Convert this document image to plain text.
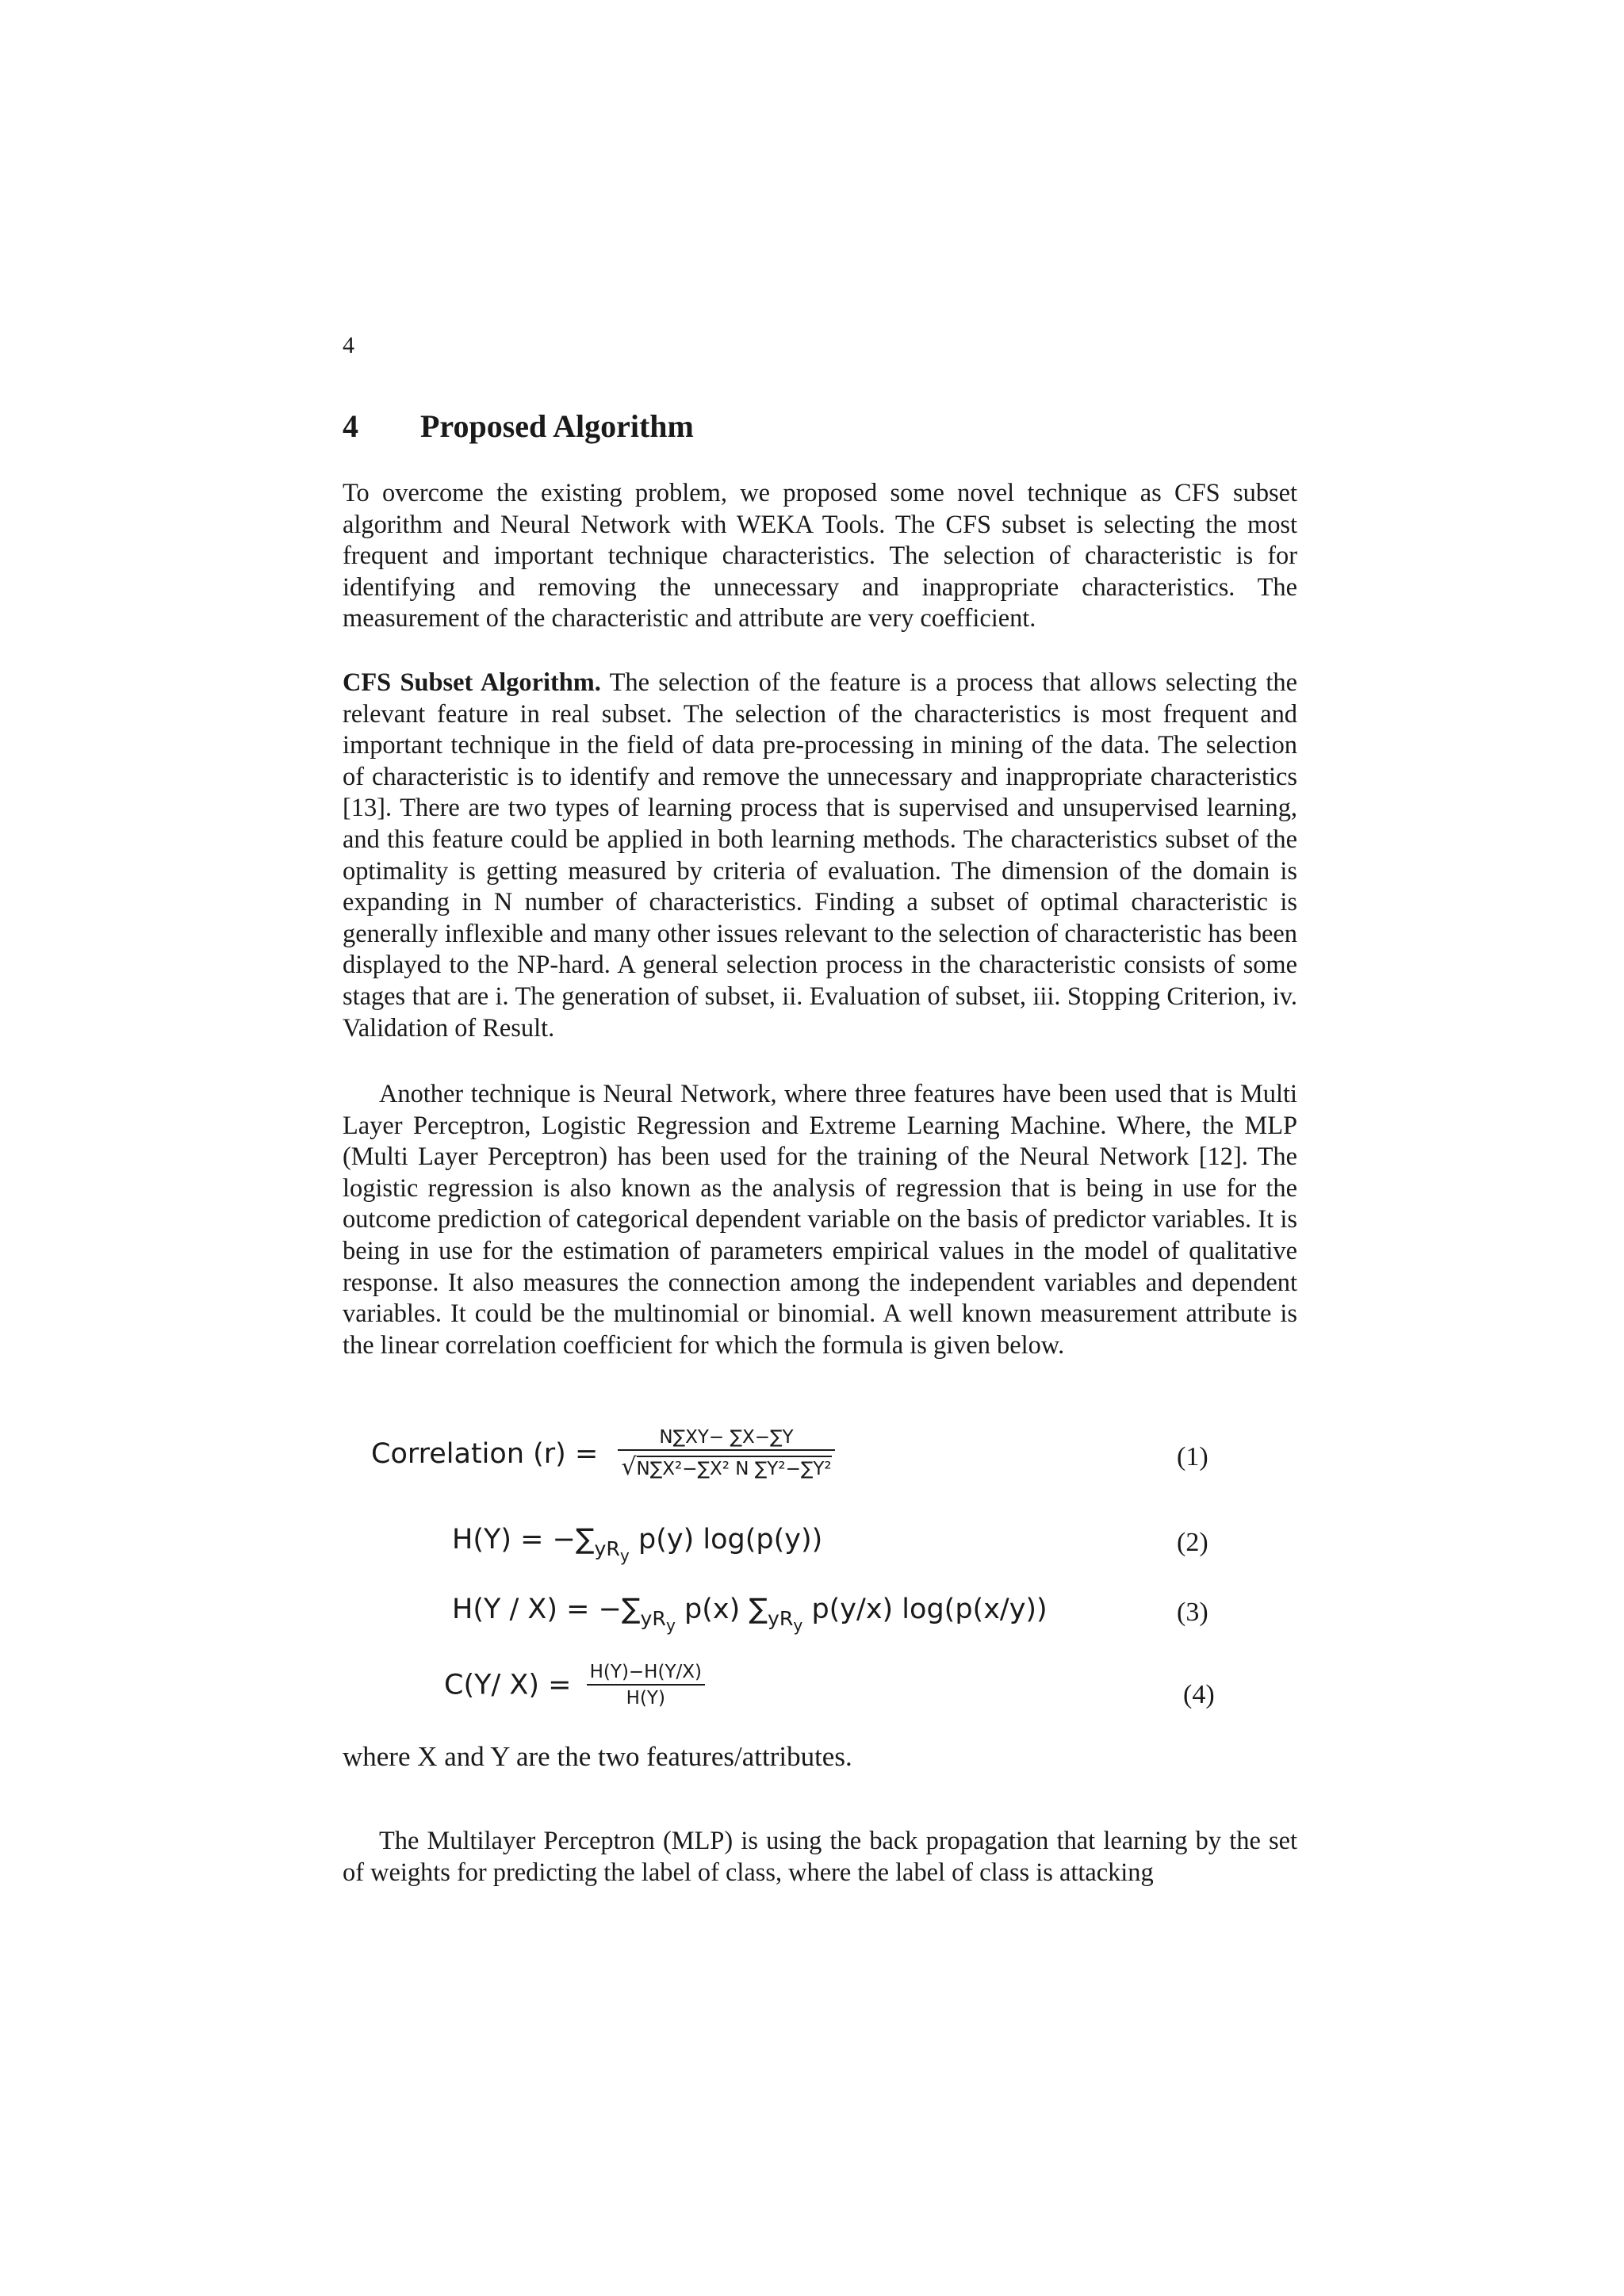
4
4 Proposed Algorithm

To overcome the existing problem, we proposed some novel technique as CFS subset algorithm and Neural Network with WEKA Tools. The CFS subset is selecting the most frequent and important technique characteristics. The selection of characteristic is for identifying and removing the unnecessary and inappropriate characteristics. The measurement of the characteristic and attribute are very coefficient.

CFS Subset Algorithm. The selection of the feature is a process that allows selecting the relevant feature in real subset. The selection of the characteristics is most frequent and important technique in the field of data pre-processing in mining of the data. The selection of characteristic is to identify and remove the unnecessary and inappropriate characteristics [13]. There are two types of learning process that is supervised and unsupervised learning, and this feature could be applied in both learning methods. The characteristics subset of the optimality is getting measured by criteria of evaluation. The dimension of the domain is expanding in N number of characteristics. Finding a subset of optimal characteristic is generally inflexible and many other issues relevant to the selection of characteristic has been displayed to the NP-hard. A general selection process in the characteristic consists of some stages that are i. The generation of subset, ii. Evaluation of subset, iii. Stopping Criterion, iv. Validation of Result.

Another technique is Neural Network, where three features have been used that is Multi Layer Perceptron, Logistic Regression and Extreme Learning Machine. Where, the MLP (Multi Layer Perceptron) has been used for the training of the Neural Network [12]. The logistic regression is also known as the analysis of regression that is being in use for the outcome prediction of categorical dependent variable on the basis of predictor variables. It is being in use for the estimation of parameters empirical values in the model of qualitative response. It also measures the connection among the independent variables and dependent variables. It could be the multinomial or binomial. A well known measurement attribute is the linear correlation coefficient for which the formula is given below.

Correlation $(r) = \frac{N\sum XY- \sum X-\sum Y}{\text{√N∑X²−∑X² N ∑Y²−∑Y²}}$	(1)
$H(Y) = -\sum_{yR_y}$ p(y) log(p(y))	(2)
$H(Y / X) = -\sum_{yR_y}$ p(x) $\sum_{yR_y}$ p(y/x) log(p(x/y))	(3)
C(Y/ $X) = \frac{H(Y)-H(Y/X)}{H(Y)}$	(4)

where X and Y are the two features/attributes.

The Multilayer Perceptron (MLP) is using the back propagation that learning by the set of weights for predicting the label of class, where the label of class is attacking
